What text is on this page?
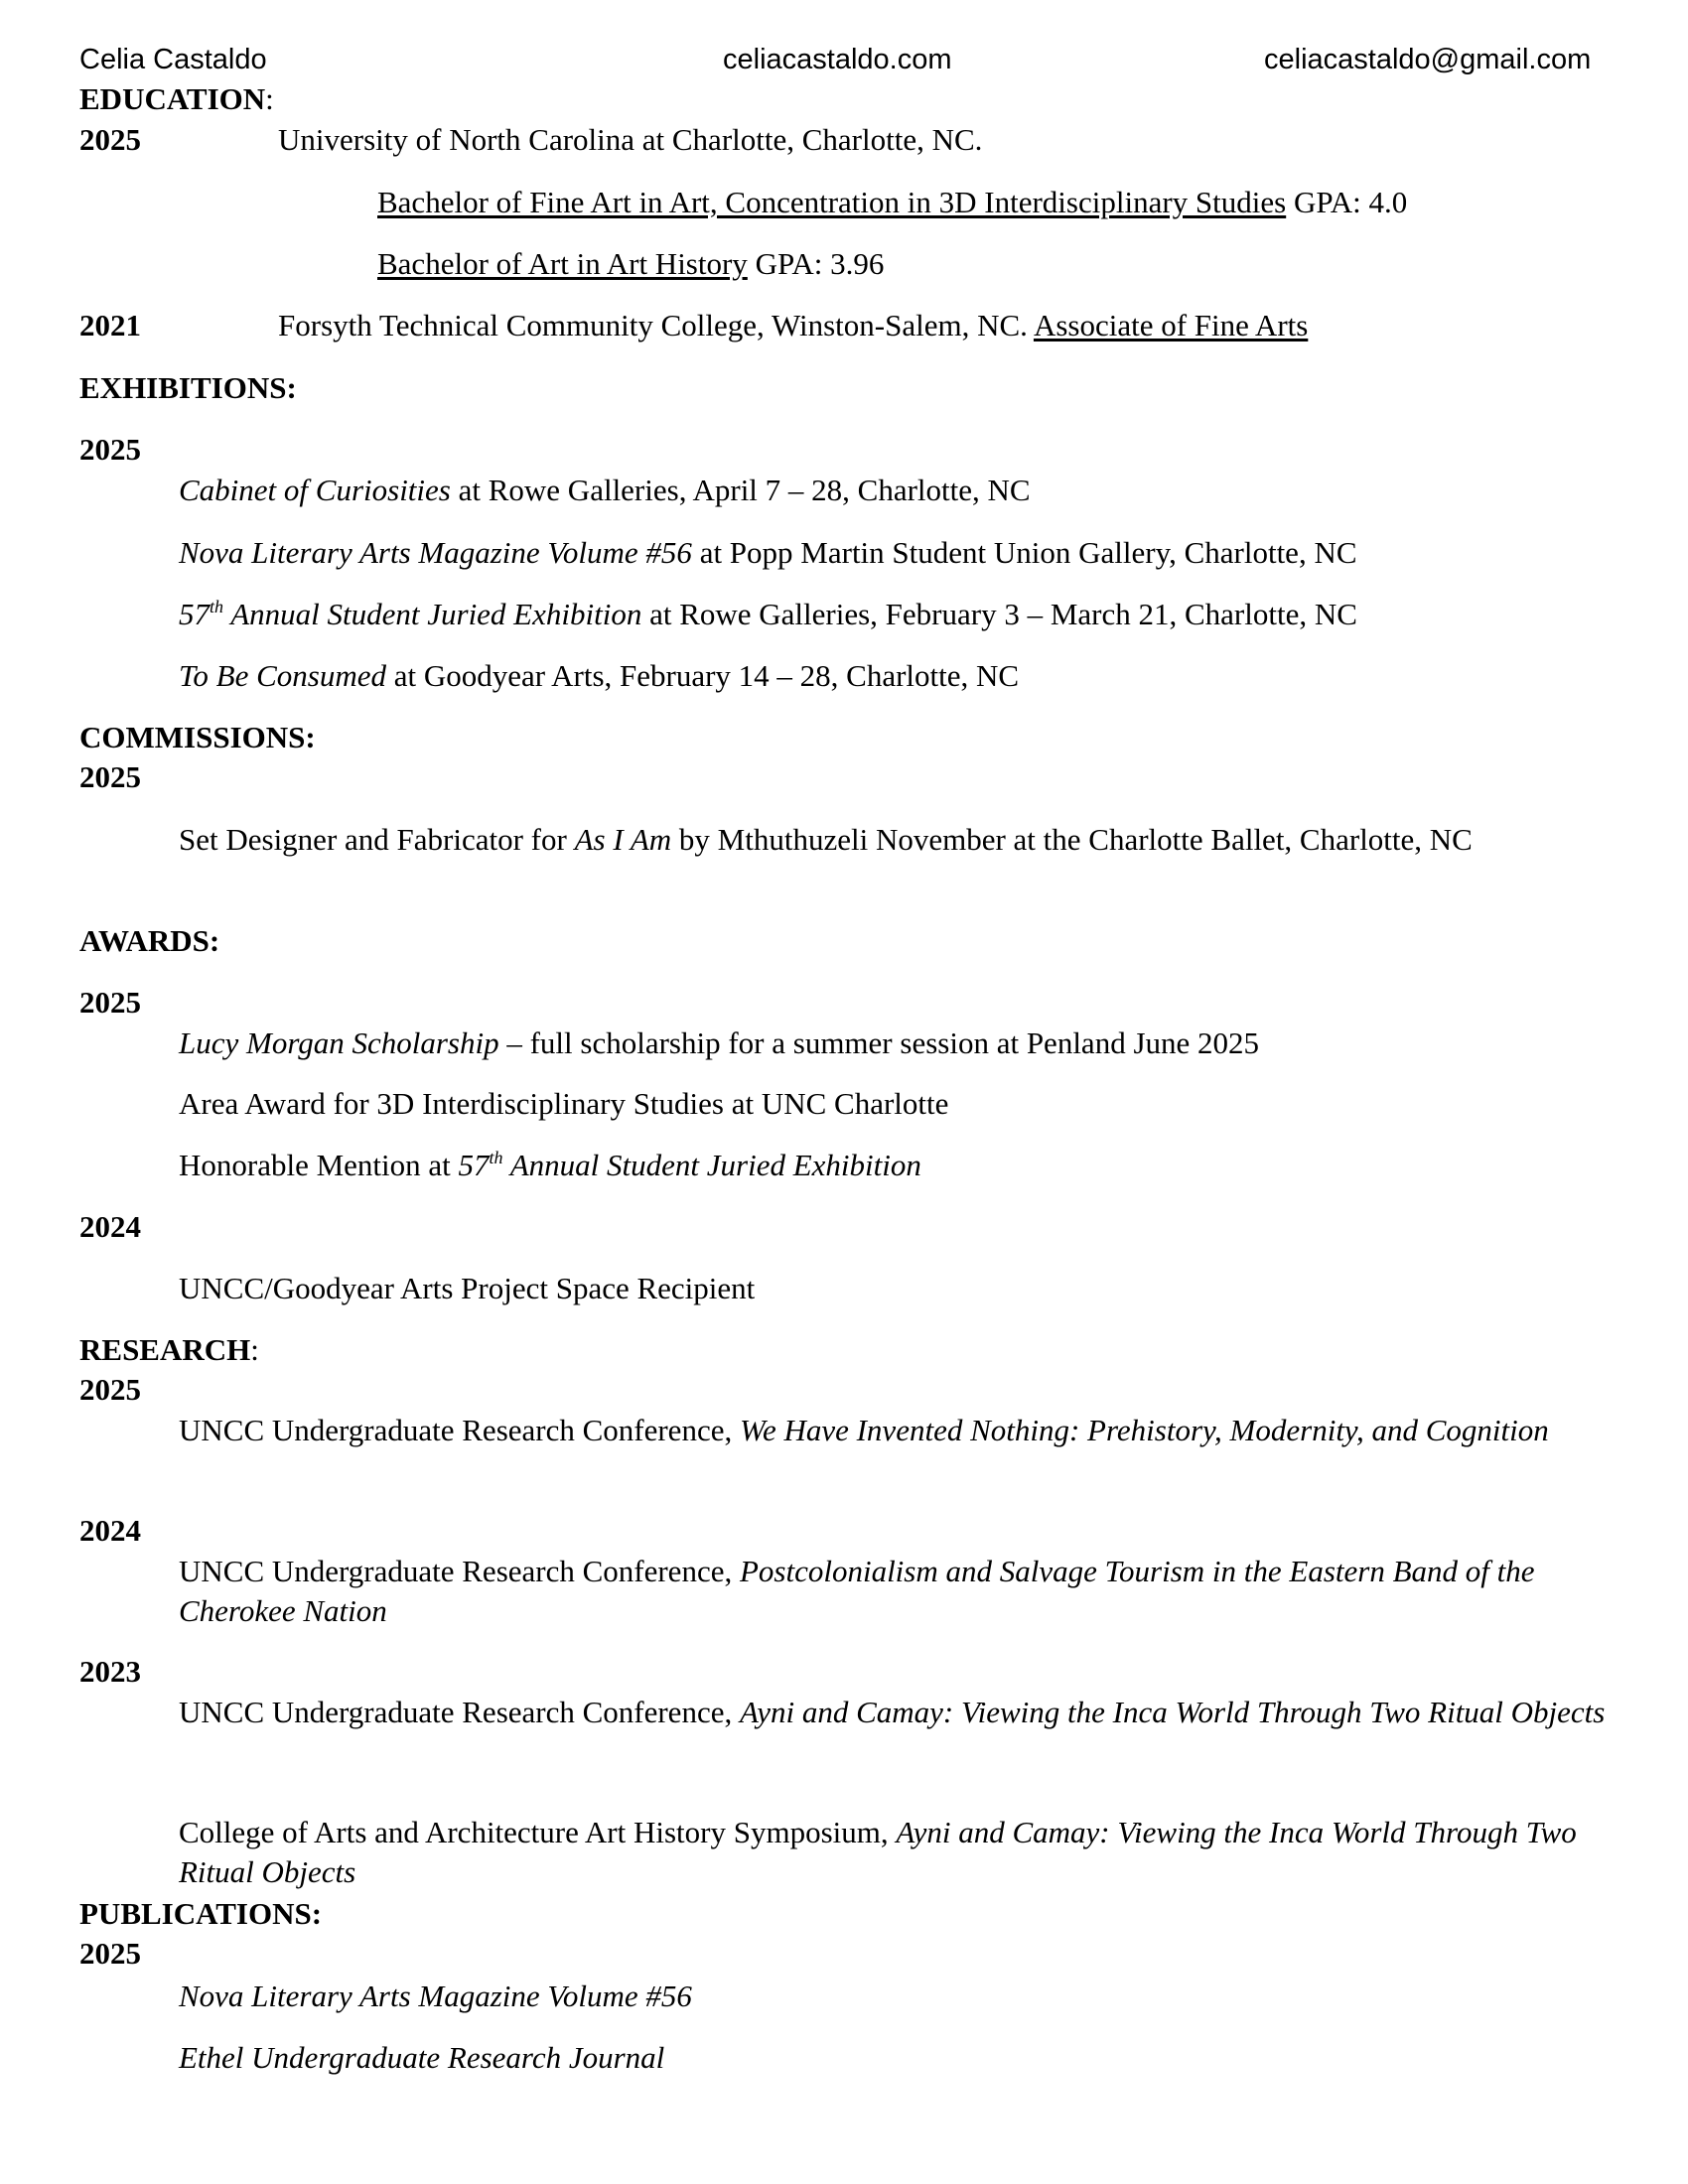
Celia Castaldo	celiacastaldo.com	celiacastaldo@gmail.com
EDUCATION:
2025	University of North Carolina at Charlotte, Charlotte, NC.
Bachelor of Fine Art in Art, Concentration in 3D Interdisciplinary Studies GPA: 4.0
Bachelor of Art in Art History GPA: 3.96
2021	Forsyth Technical Community College, Winston-Salem, NC. Associate of Fine Arts
EXHIBITIONS:
2025
Cabinet of Curiosities at Rowe Galleries, April 7 – 28, Charlotte, NC
Nova Literary Arts Magazine Volume #56 at Popp Martin Student Union Gallery, Charlotte, NC
57th Annual Student Juried Exhibition at Rowe Galleries, February 3 – March 21, Charlotte, NC
To Be Consumed at Goodyear Arts, February 14 – 28, Charlotte, NC
COMMISSIONS:
2025
Set Designer and Fabricator for As I Am by Mthuthuzeli November at the Charlotte Ballet, Charlotte, NC
AWARDS:
2025
Lucy Morgan Scholarship – full scholarship for a summer session at Penland June 2025
Area Award for 3D Interdisciplinary Studies at UNC Charlotte
Honorable Mention at 57th Annual Student Juried Exhibition
2024
UNCC/Goodyear Arts Project Space Recipient
RESEARCH:
2025
UNCC Undergraduate Research Conference, We Have Invented Nothing: Prehistory, Modernity, and Cognition
2024
UNCC Undergraduate Research Conference, Postcolonialism and Salvage Tourism in the Eastern Band of the Cherokee Nation
2023
UNCC Undergraduate Research Conference, Ayni and Camay: Viewing the Inca World Through Two Ritual Objects
College of Arts and Architecture Art History Symposium, Ayni and Camay: Viewing the Inca World Through Two Ritual Objects
PUBLICATIONS:
2025
Nova Literary Arts Magazine Volume #56
Ethel Undergraduate Research Journal
